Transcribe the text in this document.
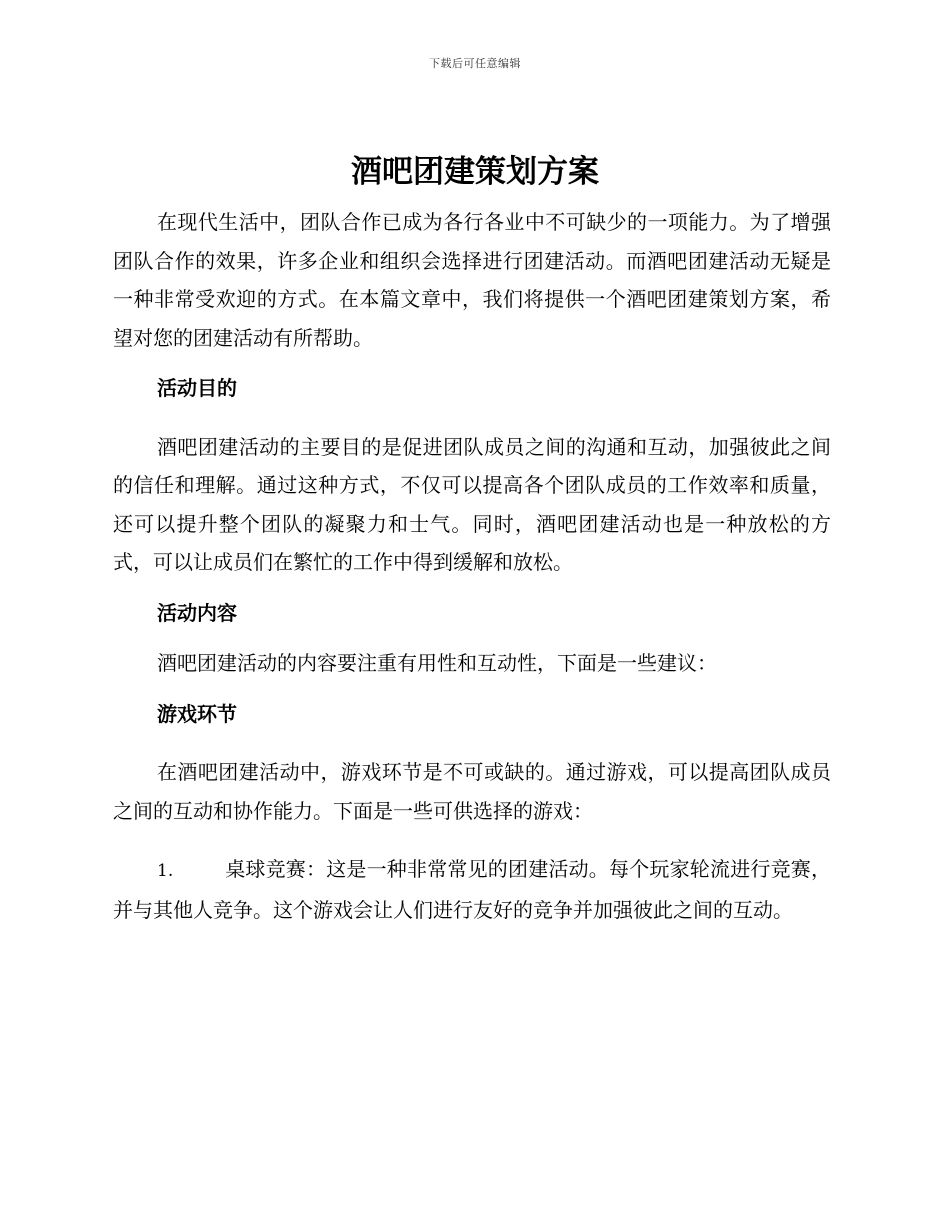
下载后可任意编辑
酒吧团建策划方案

在现代生活中，团队合作已成为各行各业中不可缺少的一项能力。为了增强团队合作的效果，许多企业和组织会选择进行团建活动。而酒吧团建活动无疑是一种非常受欢迎的方式。在本篇文章中，我们将提供一个酒吧团建策划方案，希望对您的团建活动有所帮助。

活动目的

酒吧团建活动的主要目的是促进团队成员之间的沟通和互动，加强彼此之间的信任和理解。通过这种方式，不仅可以提高各个团队成员的工作效率和质量，还可以提升整个团队的凝聚力和士气。同时，酒吧团建活动也是一种放松的方式，可以让成员们在繁忙的工作中得到缓解和放松。

活动内容

酒吧团建活动的内容要注重有用性和互动性，下面是一些建议：

游戏环节

在酒吧团建活动中，游戏环节是不可或缺的。通过游戏，可以提高团队成员之间的互动和协作能力。下面是一些可供选择的游戏：

1.	桌球竞赛：这是一种非常常见的团建活动。每个玩家轮流进行竞赛，并与其他人竞争。这个游戏会让人们进行友好的竞争并加强彼此之间的互动。
